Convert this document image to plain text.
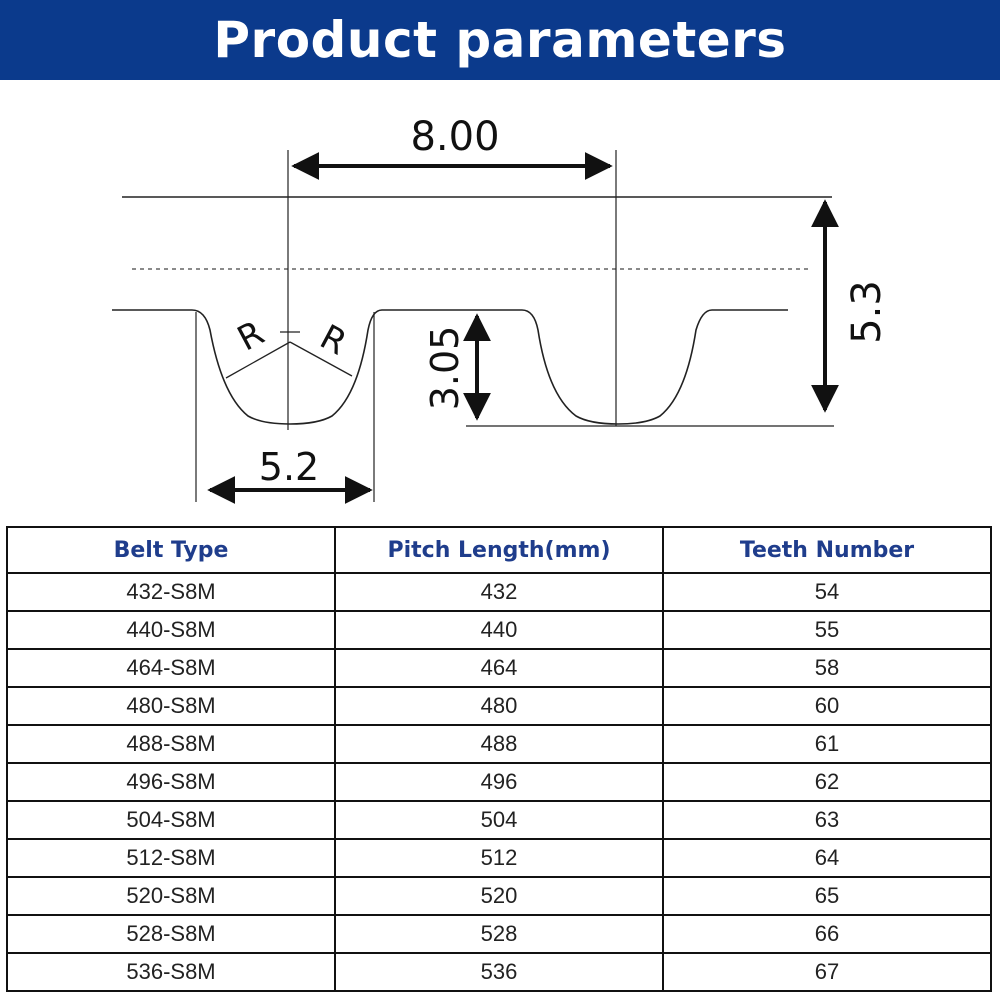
Product parameters
8.00
5.3
3.05
5.2
R R
Belt Type	Pitch Length(mm)	Teeth Number
432-S8M	432	54
440-S8M	440	55
464-S8M	464	58
480-S8M	480	60
488-S8M	488	61
496-S8M	496	62
504-S8M	504	63
512-S8M	512	64
520-S8M	520	65
528-S8M	528	66
536-S8M	536	67
